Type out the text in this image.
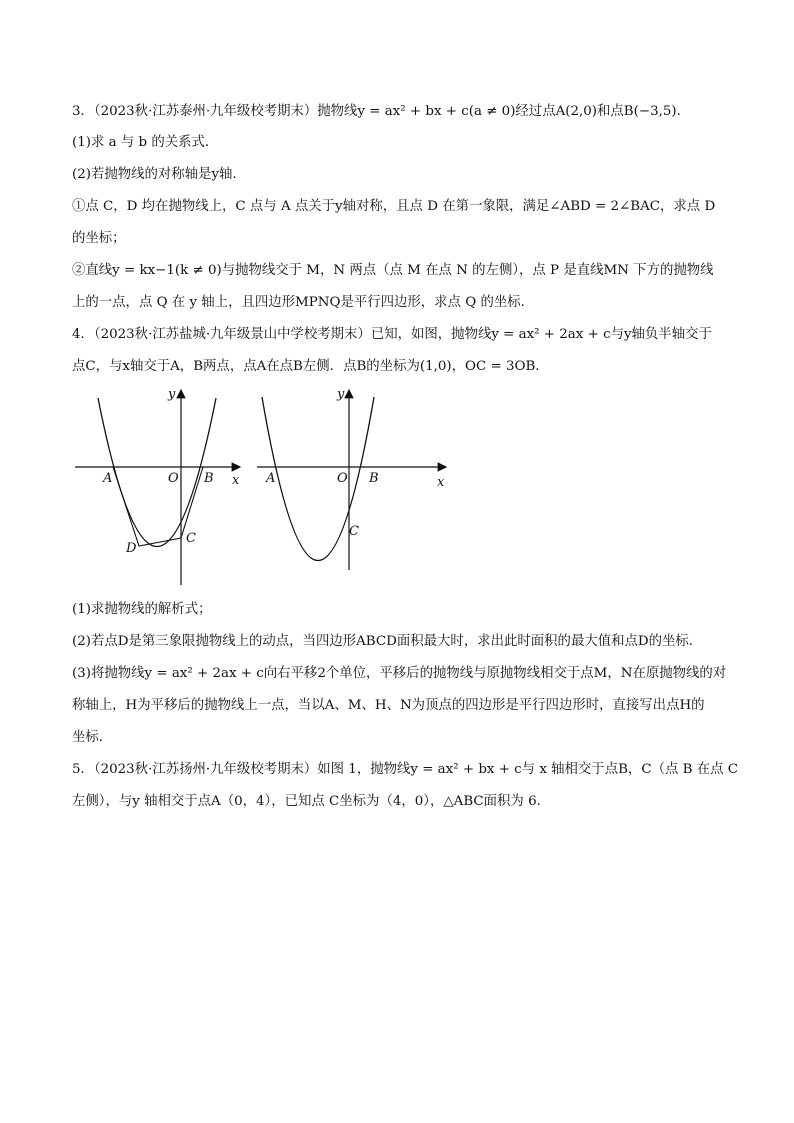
3．（2023秋·江苏泰州·九年级校考期末）抛物线y = ax² + bx + c(a ≠ 0)经过点A(2,0)和点B(−3,5)．
(1)求 a 与 b 的关系式．
(2)若抛物线的对称轴是y轴．
①点 C，D 均在抛物线上，C 点与 A 点关于y轴对称，且点 D 在第一象限，满足∠ABD = 2∠BAC，求点 D
的坐标；
②直线y = kx−1(k ≠ 0)与抛物线交于 M，N 两点（点 M 在点 N 的左侧），点 P 是直线MN 下方的抛物线
上的一点，点 Q 在 y 轴上，且四边形MPNQ是平行四边形，求点 Q 的坐标．
4．（2023秋·江苏盐城·九年级景山中学校考期末）已知，如图，抛物线y = ax² + 2ax + c与y轴负半轴交于
点C，与x轴交于A，B两点，点A在点B左侧．点B的坐标为(1,0)，OC = 3OB．
y
A	O B x
C
D
y
A	O B	x
C
(1)求抛物线的解析式；
(2)若点D是第三象限抛物线上的动点，当四边形ABCD面积最大时，求出此时面积的最大值和点D的坐标．
(3)将抛物线y = ax² + 2ax + c向右平移2个单位，平移后的抛物线与原抛物线相交于点M，N在原抛物线的对
称轴上，H为平移后的抛物线上一点，当以A、M、H、N为顶点的四边形是平行四边形时，直接写出点H的
坐标．
5．（2023秋·江苏扬州·九年级校考期末）如图 1，抛物线y = ax² + bx + c与 x 轴相交于点B，C（点 B 在点 C
左侧），与y 轴相交于点A（0，4），已知点 C坐标为（4，0），△ABC面积为 6．
